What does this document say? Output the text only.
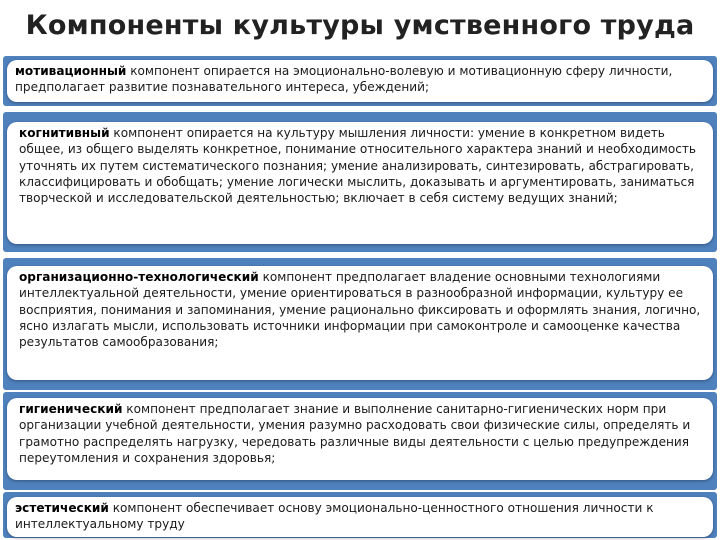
Компоненты культуры умственного труда
мотивационный компонент опирается на эмоционально-волевую и мотивационную сферу личности, предполагает развитие познавательного интереса, убеждений;
когнитивный компонент опирается на культуру мышления личности: умение в конкретном видеть общее, из общего выделять конкретное, понимание относительного характера знаний и необходимость уточнять их путем систематического познания; умение анализировать, синтезировать, абстрагировать, классифицировать и обобщать; умение логически мыслить, доказывать и аргументировать, заниматься творческой и исследовательской деятельностью; включает в себя систему ведущих знаний;
организационно-технологический компонент предполагает владение основными технологиями интеллектуальной деятельности, умение ориентироваться в разнообразной информации, культуру ее восприятия, понимания и запоминания, умение рационально фиксировать и оформлять знания, логично, ясно излагать мысли, использовать источники информации при самоконтроле и самооценке качества результатов самообразования;
гигиенический компонент предполагает знание и выполнение санитарно-гигиенических норм при организации учебной деятельности, умения разумно расходовать свои физические силы, определять и грамотно распределять нагрузку, чередовать различные виды деятельности с целью предупреждения переутомления и сохранения здоровья;
эстетический компонент обеспечивает основу эмоционально-ценностного отношения личности к интеллектуальному труду
